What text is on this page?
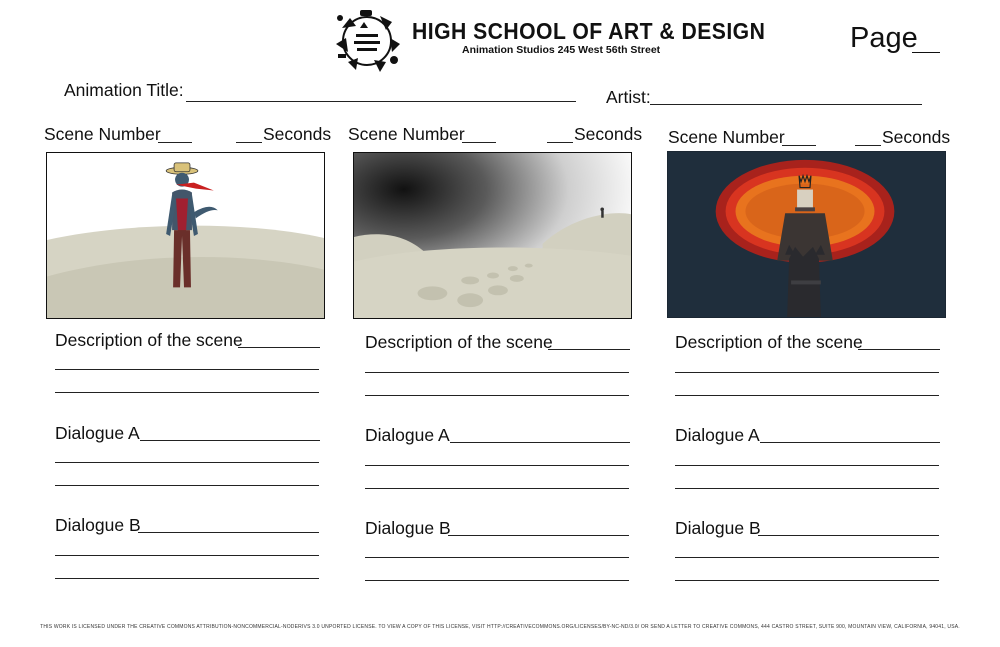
HIGH SCHOOL OF ART & DESIGN
Animation Studios 245 West 56th Street	Page
Animation Title:	Artist:
Scene Number	Seconds
Description of the scene
Dialogue A
Dialogue B
Scene Number	Seconds
Description of the scene
Dialogue A
Dialogue B
Scene Number	Seconds
Description of the scene
Dialogue A
Dialogue B
THIS WORK IS LICENSED UNDER THE CREATIVE COMMONS ATTRIBUTION-NONCOMMERCIAL-NODERIVS 3.0 UNPORTED LICENSE. TO VIEW A COPY OF THIS LICENSE, VISIT HTTP://CREATIVECOMMONS.ORG/LICENSES/BY-NC-ND/3.0/ OR SEND A LETTER TO CREATIVE COMMONS, 444 CASTRO STREET, SUITE 900, MOUNTAIN VIEW, CALIFORNIA, 94041, USA.
